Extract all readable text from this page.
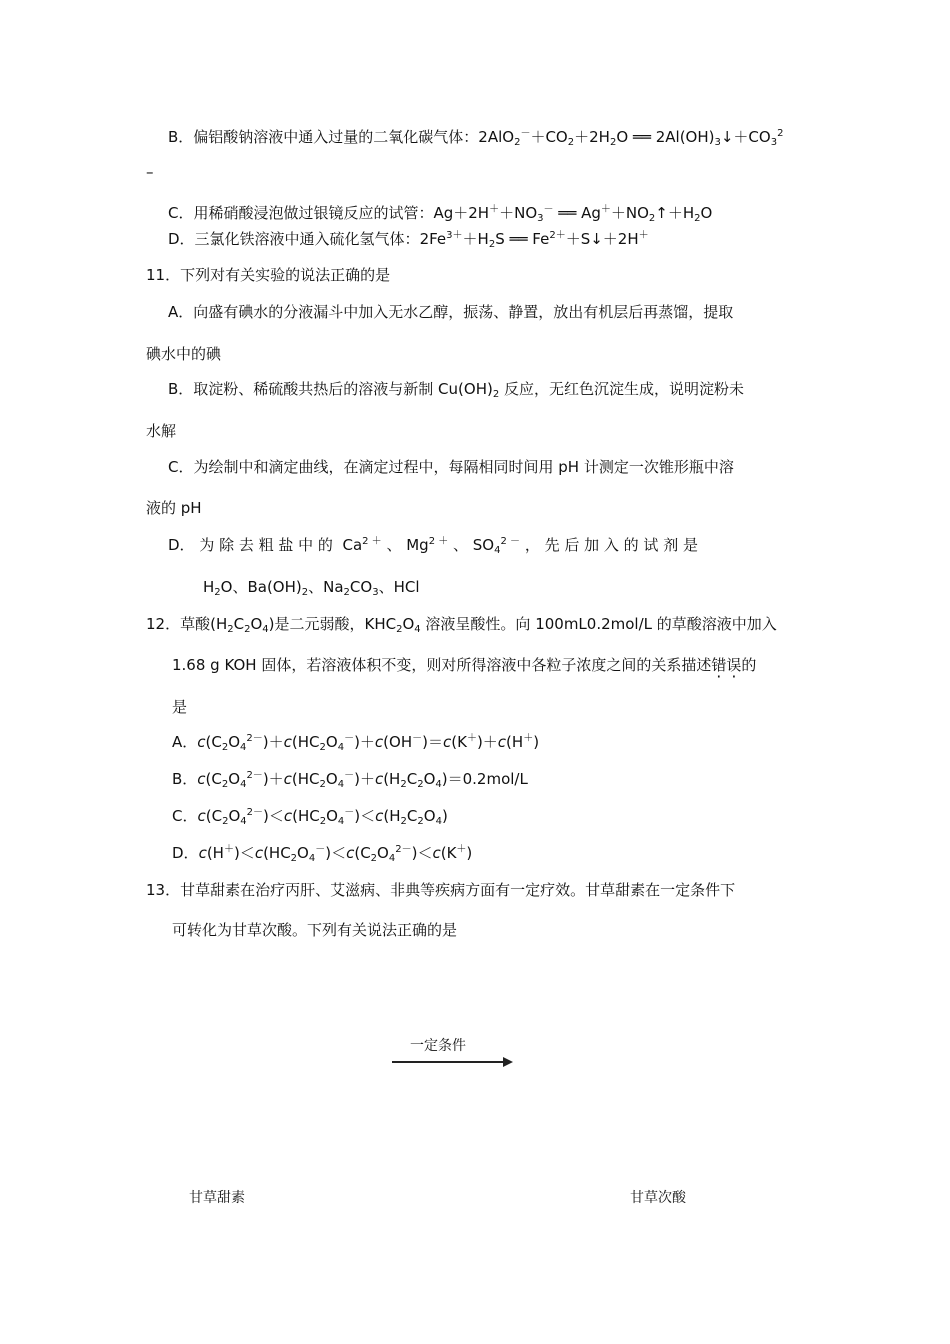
B．偏铝酸钠溶液中通入过量的二氧化碳气体：$2AlO_2^-+CO_2+2H_2O$ ══ $2Al(OH)_3↓+CO_3^2$
–
C．用稀硝酸浸泡做过银镜反应的试管：$Ag+2H^++NO_3^-$ ══ $Ag^++NO_2↑+H_2O$
D．三氯化铁溶液中通入硫化氢气体：$2Fe^{3+}+H_2S$ ══ $Fe^{2+}+S↓+2H^+$
11．下列对有关实验的说法正确的是
A．向盛有碘水的分液漏斗中加入无水乙醇，振荡、静置，放出有机层后再蒸馏，提取
碘水中的碘
B．取淀粉、稀硫酸共热后的溶液与新制 $Cu(OH)_2$ 反应，无红色沉淀生成，说明淀粉未
水解
C．为绘制中和滴定曲线，在滴定过程中，每隔相同时间用 pH 计测定一次锥形瓶中溶
液的 pH
D． 为 除 去 粗 盐 中 的  $Ca^{2 +}$ 、 $Mg^{2 +}$ 、 $SO_4^{2 -}$ ， 先 后 加 入 的 试 剂 是
$H_2O$、$Ba(OH)_2$、$Na_2CO_3$、HCl
12．草酸$(H_2C_2O_4)$是二元弱酸，$KHC_2O_4$ 溶液呈酸性。向 100mL0.2mol/L 的草酸溶液中加入
1.68 g KOH 固体，若溶液体积不变，则对所得溶液中各粒子浓度之间的关系描述错误的
是
A．$c(C_2O_4^{2-})+c(HC_2O_4^-)+c(OH^-)=c(K^+)+c(H^+)$
B．$c(C_2O_4^{2-})+c(HC_2O_4^-)+c(H_2C_2O_4)=0.2mol/L$
C．$c(C_2O_4^{2-})<c(HC_2O_4^-)<c(H_2C_2O_4)$
D．$c(H^+)<c(HC_2O_4^-)<c(C_2O_4^{2-})<c(K^+)$
13．甘草甜素在治疗丙肝、艾滋病、非典等疾病方面有一定疗效。甘草甜素在一定条件下
可转化为甘草次酸。下列有关说法正确的是
一定条件
甘草甜素	甘草次酸
